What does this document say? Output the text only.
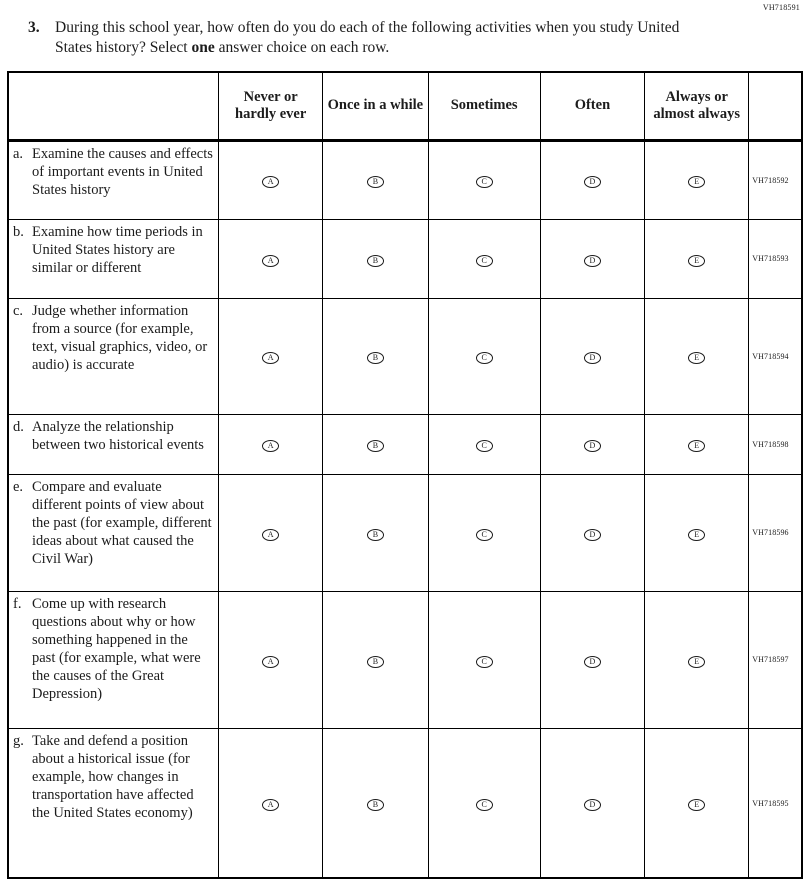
VH718591
3. During this school year, how often do you do each of the following activities when you study United States history? Select one answer choice on each row.
	Never or hardly ever	Once in a while	Sometimes	Often	Always or almost always	

a. Examine the causes and effects of important events in United States history	A	B	C	D	E	VH718592

b. Examine how time periods in United States history are similar or different	A	B	C	D	E	VH718593

c. Judge whether information from a source (for example, text, visual graphics, video, or audio) is accurate	A	B	C	D	E	VH718594

d. Analyze the relationship between two historical events	A	B	C	D	E	VH718598

e. Compare and evaluate different points of view about the past (for example, different ideas about what caused the Civil War)	A	B	C	D	E	VH718596

f. Come up with research questions about why or how something happened in the past (for example, what were the causes of the Great Depression)	A	B	C	D	E	VH718597

g. Take and defend a position about a historical issue (for example, how changes in transportation have affected the United States economy)	A	B	C	D	E	VH718595
